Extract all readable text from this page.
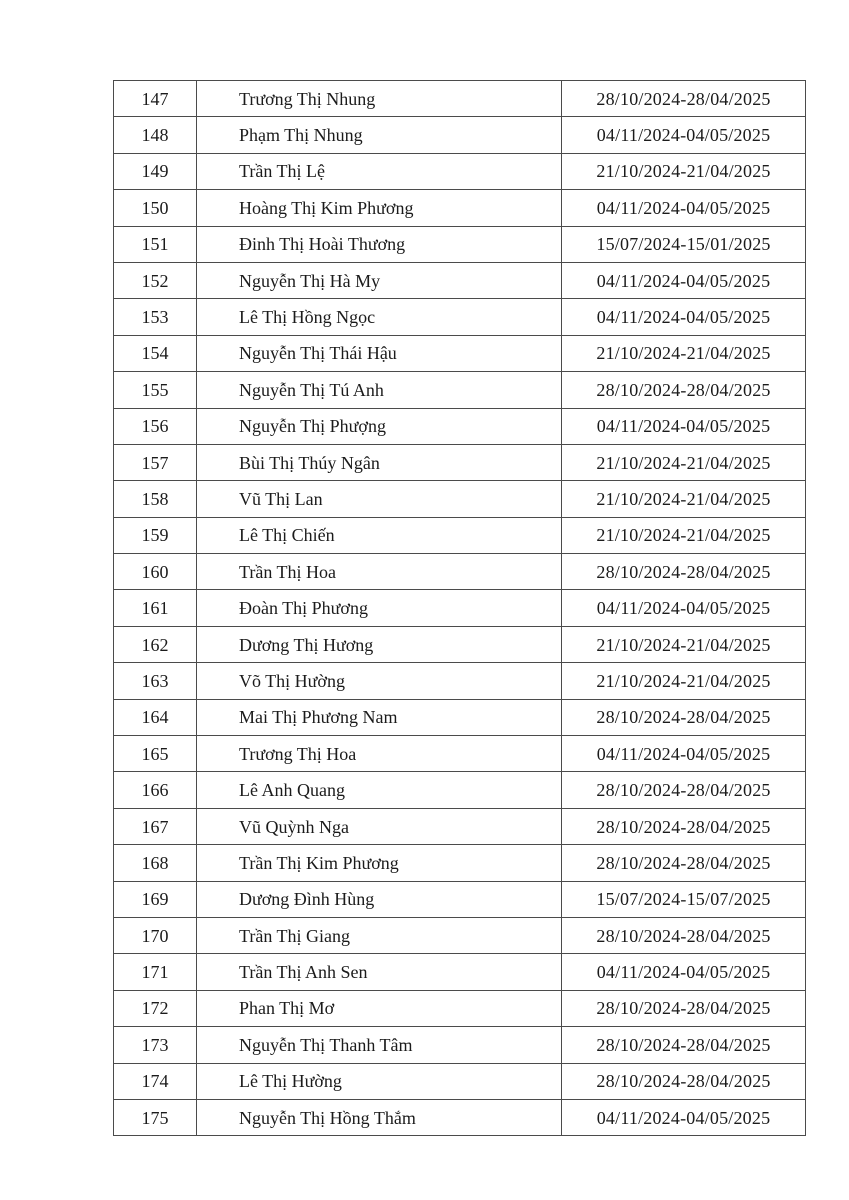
147	Trương Thị Nhung	28/10/2024-28/04/2025
148	Phạm Thị Nhung	04/11/2024-04/05/2025
149	Trần Thị Lệ	21/10/2024-21/04/2025
150	Hoàng Thị Kim Phương	04/11/2024-04/05/2025
151	Đinh Thị Hoài Thương	15/07/2024-15/01/2025
152	Nguyễn Thị Hà My	04/11/2024-04/05/2025
153	Lê Thị Hồng Ngọc	04/11/2024-04/05/2025
154	Nguyễn Thị Thái Hậu	21/10/2024-21/04/2025
155	Nguyễn Thị Tú Anh	28/10/2024-28/04/2025
156	Nguyễn Thị Phượng	04/11/2024-04/05/2025
157	Bùi Thị Thúy Ngân	21/10/2024-21/04/2025
158	Vũ Thị Lan	21/10/2024-21/04/2025
159	Lê Thị Chiến	21/10/2024-21/04/2025
160	Trần Thị Hoa	28/10/2024-28/04/2025
161	Đoàn Thị Phương	04/11/2024-04/05/2025
162	Dương Thị Hương	21/10/2024-21/04/2025
163	Võ Thị Hường	21/10/2024-21/04/2025
164	Mai Thị Phương Nam	28/10/2024-28/04/2025
165	Trương Thị Hoa	04/11/2024-04/05/2025
166	Lê Anh Quang	28/10/2024-28/04/2025
167	Vũ Quỳnh Nga	28/10/2024-28/04/2025
168	Trần Thị Kim Phương	28/10/2024-28/04/2025
169	Dương Đình Hùng	15/07/2024-15/07/2025
170	Trần Thị Giang	28/10/2024-28/04/2025
171	Trần Thị Anh Sen	04/11/2024-04/05/2025
172	Phan Thị Mơ	28/10/2024-28/04/2025
173	Nguyễn Thị Thanh Tâm	28/10/2024-28/04/2025
174	Lê Thị Hường	28/10/2024-28/04/2025
175	Nguyễn Thị Hồng Thắm	04/11/2024-04/05/2025
